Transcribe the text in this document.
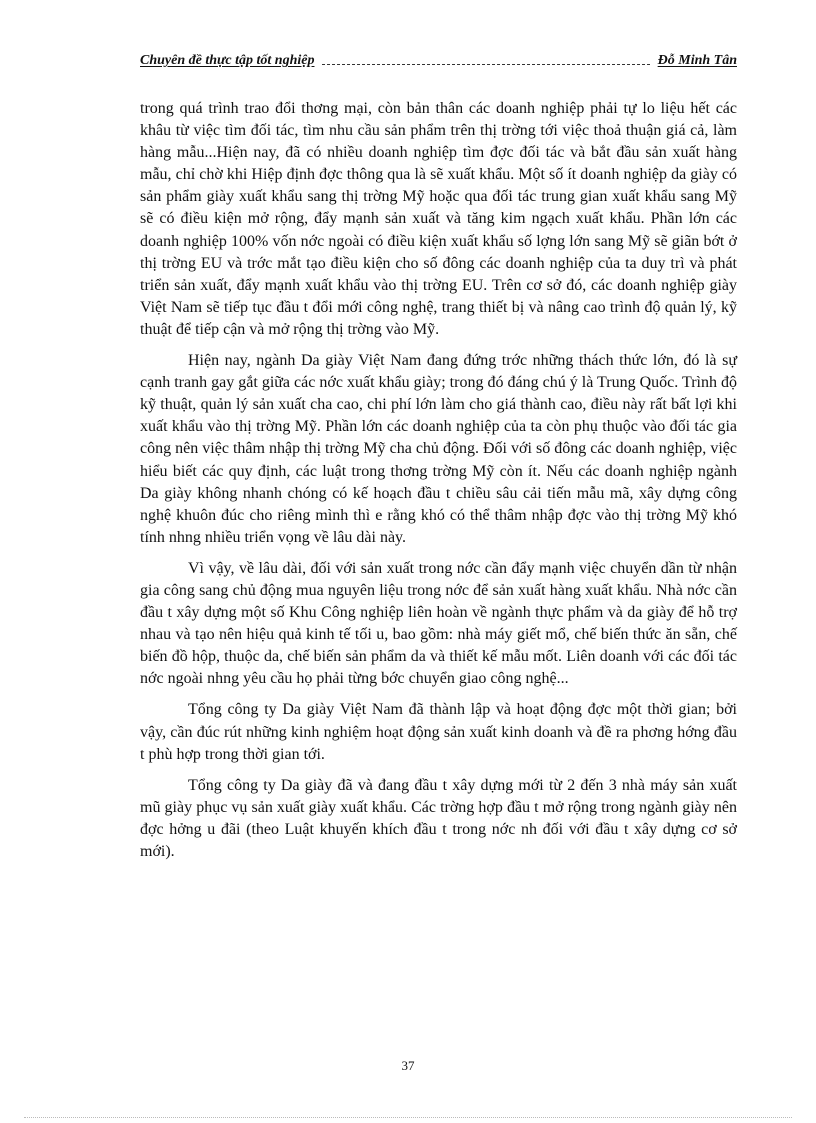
Chuyên đề thực tập tốt nghiệp	Đỗ Minh Tân

trong quá trình trao đổi thơng mại, còn bản thân các doanh nghiệp phải tự lo liệu hết các khâu từ việc tìm đối tác, tìm nhu cầu sản phẩm trên thị trờng tới việc thoả thuận giá cả, làm hàng mẫu...Hiện nay, đã có nhiều doanh nghiệp tìm đợc đối tác và bắt đầu sản xuất hàng mẫu, chỉ chờ khi Hiệp định đợc thông qua là sẽ xuất khẩu. Một số ít doanh nghiệp da giày có sản phẩm giày xuất khẩu sang thị trờng Mỹ hoặc qua đối tác trung gian xuất khẩu sang Mỹ sẽ có điều kiện mở rộng, đẩy mạnh sản xuất và tăng kim ngạch xuất khẩu. Phần lớn các doanh nghiệp 100% vốn nớc ngoài có điều kiện xuất khẩu số lợng lớn sang Mỹ sẽ giãn bớt ở thị trờng EU và trớc mắt tạo điều kiện cho số đông các doanh nghiệp của ta duy trì và phát triển sản xuất, đẩy mạnh xuất khẩu vào thị trờng EU. Trên cơ sở đó, các doanh nghiệp giày Việt Nam sẽ tiếp tục đầu t đổi mới công nghệ, trang thiết bị và nâng cao trình độ quản lý, kỹ thuật để tiếp cận và mở rộng thị trờng vào Mỹ.

Hiện nay, ngành Da giày Việt Nam đang đứng trớc những thách thức lớn, đó là sự cạnh tranh gay gắt giữa các nớc xuất khẩu giày; trong đó đáng chú ý là Trung Quốc. Trình độ kỹ thuật, quản lý sản xuất cha cao, chi phí lớn làm cho giá thành cao, điều này rất bất lợi khi xuất khẩu vào thị trờng Mỹ. Phần lớn các doanh nghiệp của ta còn phụ thuộc vào đối tác gia công nên việc thâm nhập thị trờng Mỹ cha chủ động. Đối với số đông các doanh nghiệp, việc hiểu biết các quy định, các luật trong thơng trờng Mỹ còn ít. Nếu các doanh nghiệp ngành Da giày không nhanh chóng có kế hoạch đầu t chiều sâu cải tiến mẫu mã, xây dựng công nghệ khuôn đúc cho riêng mình thì e rằng khó có thể thâm nhập đợc vào thị trờng Mỹ khó tính nhng nhiều triển vọng về lâu dài này.

Vì vậy, về lâu dài, đối với sản xuất trong nớc cần đẩy mạnh việc chuyển dần từ nhận gia công sang chủ động mua nguyên liệu trong nớc để sản xuất hàng xuất khẩu. Nhà nớc cần đầu t xây dựng một số Khu Công nghiệp liên hoàn về ngành thực phẩm và da giày để hỗ trợ nhau và tạo nên hiệu quả kinh tế tối u, bao gồm: nhà máy giết mổ, chế biến thức ăn sẵn, chế biến đồ hộp, thuộc da, chế biến sản phẩm da và thiết kế mẫu mốt. Liên doanh với các đối tác nớc ngoài nhng yêu cầu họ phải từng bớc chuyển giao công nghệ...

Tổng công ty Da giày Việt Nam đã thành lập và hoạt động đợc một thời gian; bởi vậy, cần đúc rút những kinh nghiệm hoạt động sản xuất kinh doanh và đề ra phơng hớng đầu t phù hợp trong thời gian tới.

Tổng công ty Da giày đã và đang đầu t xây dựng mới từ 2 đến 3 nhà máy sản xuất mũ giày phục vụ sản xuất giày xuất khẩu. Các trờng hợp đầu t mở rộng trong ngành giày nên đợc hởng u đãi (theo Luật khuyến khích đầu t trong nớc nh đối với đầu t xây dựng cơ sở mới).

37
